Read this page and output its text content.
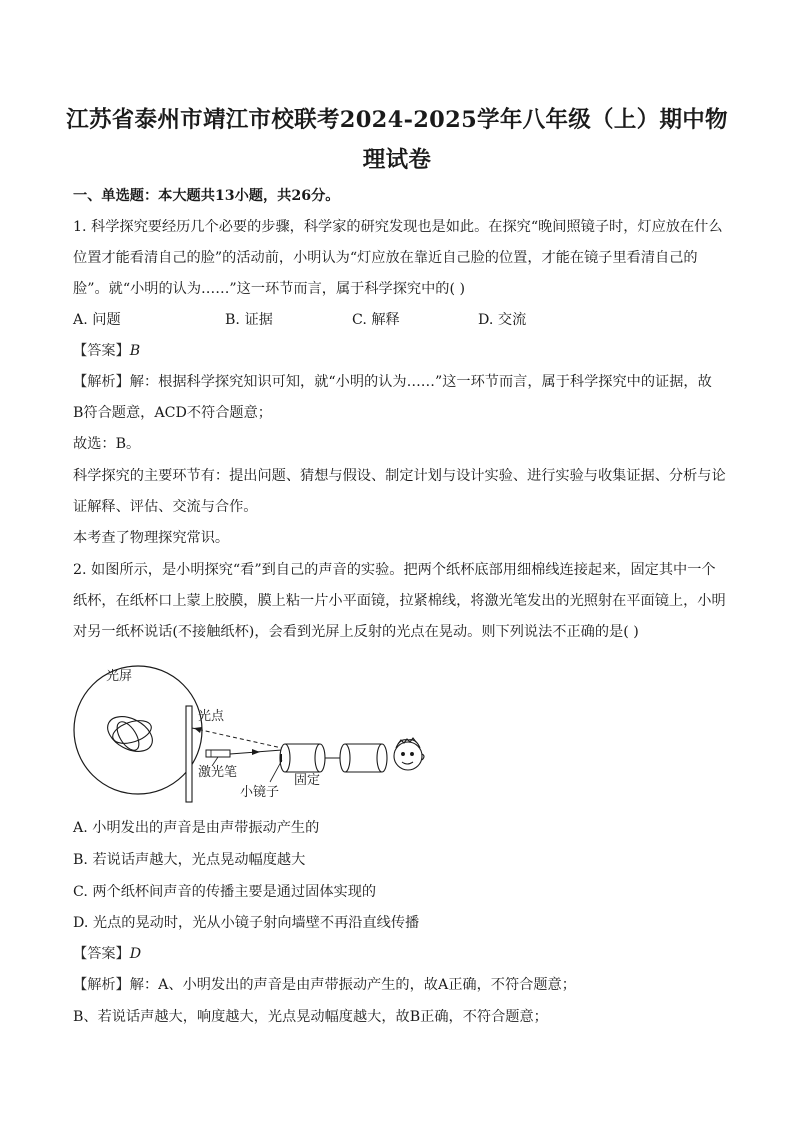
江苏省泰州市靖江市校联考2024-2025学年八年级（上）期中物理试卷
一、单选题：本大题共13小题，共26分。
1. 科学探究要经历几个必要的步骤，科学家的研究发现也是如此。在探究“晚间照镜子时，灯应放在什么
位置才能看清自己的脸”的活动前，小明认为“灯应放在靠近自己脸的位置，才能在镜子里看清自己的
脸”。就“小明的认为……”这一环节而言，属于科学探究中的( )
A. 问题	B. 证据	C. 解释	D. 交流
【答案】B
【解析】解：根据科学探究知识可知，就“小明的认为……”这一环节而言，属于科学探究中的证据，故
B符合题意，ACD不符合题意；
故选：B。
科学探究的主要环节有：提出问题、猜想与假设、制定计划与设计实验、进行实验与收集证据、分析与论
证解释、评估、交流与合作。
本考查了物理探究常识。
2. 如图所示，是小明探究“看”到自己的声音的实验。把两个纸杯底部用细棉线连接起来，固定其中一个
纸杯，在纸杯口上蒙上胶膜，膜上粘一片小平面镜，拉紧棉线，将激光笔发出的光照射在平面镜上，小明
对另一纸杯说话(不接触纸杯)，会看到光屏上反射的光点在晃动。则下列说法不正确的是( )
光屏
光点
激光笔
固定
小镜子
A. 小明发出的声音是由声带振动产生的
B. 若说话声越大，光点晃动幅度越大
C. 两个纸杯间声音的传播主要是通过固体实现的
D. 光点的晃动时，光从小镜子射向墙壁不再沿直线传播
【答案】D
【解析】解：A、小明发出的声音是由声带振动产生的，故A正确，不符合题意；
B、若说话声越大，响度越大，光点晃动幅度越大，故B正确，不符合题意；
